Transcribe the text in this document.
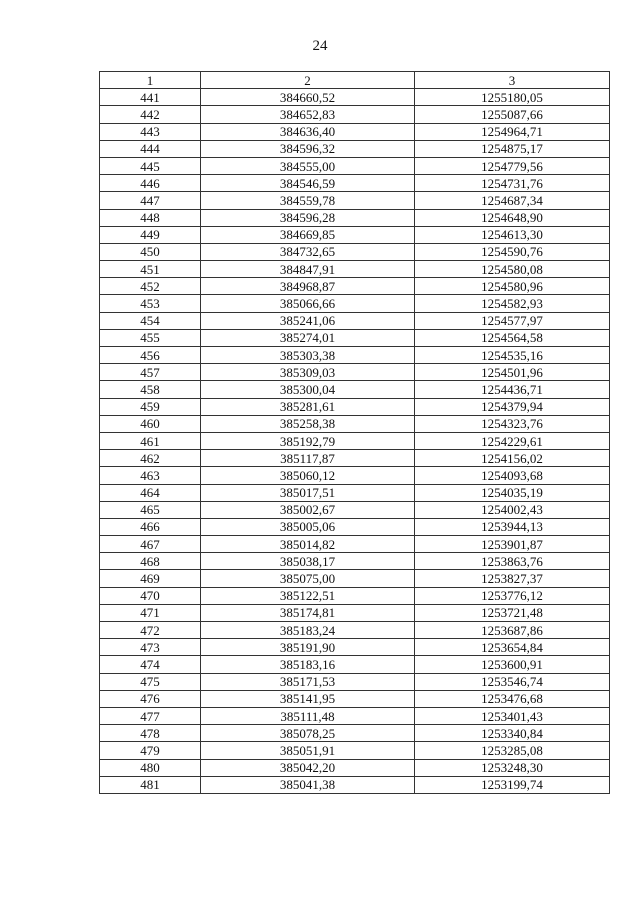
24
1	2	3
441	384660,52	1255180,05
442	384652,83	1255087,66
443	384636,40	1254964,71
444	384596,32	1254875,17
445	384555,00	1254779,56
446	384546,59	1254731,76
447	384559,78	1254687,34
448	384596,28	1254648,90
449	384669,85	1254613,30
450	384732,65	1254590,76
451	384847,91	1254580,08
452	384968,87	1254580,96
453	385066,66	1254582,93
454	385241,06	1254577,97
455	385274,01	1254564,58
456	385303,38	1254535,16
457	385309,03	1254501,96
458	385300,04	1254436,71
459	385281,61	1254379,94
460	385258,38	1254323,76
461	385192,79	1254229,61
462	385117,87	1254156,02
463	385060,12	1254093,68
464	385017,51	1254035,19
465	385002,67	1254002,43
466	385005,06	1253944,13
467	385014,82	1253901,87
468	385038,17	1253863,76
469	385075,00	1253827,37
470	385122,51	1253776,12
471	385174,81	1253721,48
472	385183,24	1253687,86
473	385191,90	1253654,84
474	385183,16	1253600,91
475	385171,53	1253546,74
476	385141,95	1253476,68
477	385111,48	1253401,43
478	385078,25	1253340,84
479	385051,91	1253285,08
480	385042,20	1253248,30
481	385041,38	1253199,74
